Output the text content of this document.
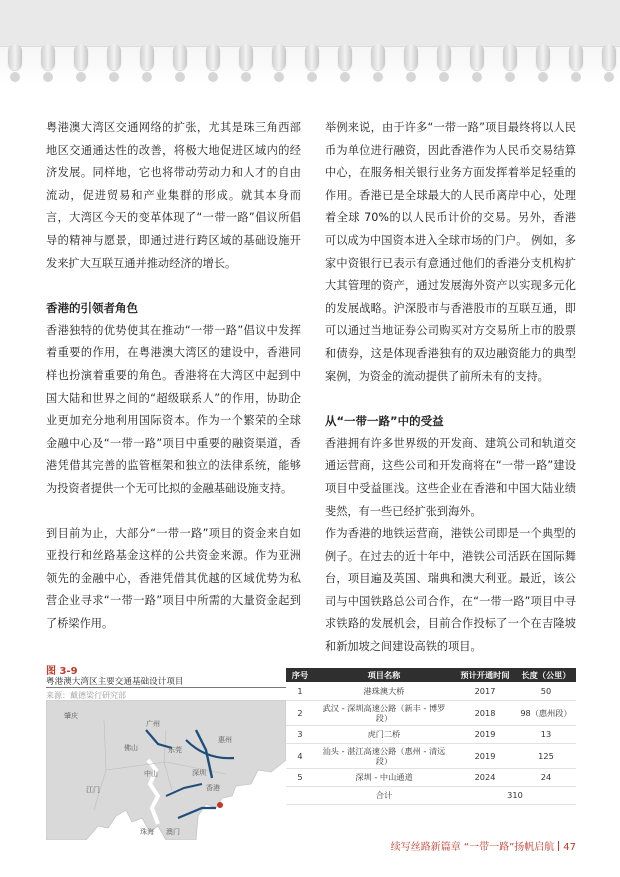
粤港澳大湾区交通网络的扩张，尤其是珠三角西部地区交通通达性的改善，将极大地促进区域内的经济发展。同样地，它也将带动劳动力和人才的自由流动，促进贸易和产业集群的形成。就其本身而言，大湾区今天的变革体现了“一带一路”倡议所倡导的精神与愿景，即通过进行跨区域的基础设施开发来扩大互联互通并推动经济的增长。

香港的引领者角色

香港独特的优势使其在推动“一带一路”倡议中发挥着重要的作用，在粤港澳大湾区的建设中，香港同样也扮演着重要的角色。香港将在大湾区中起到中国大陆和世界之间的“超级联系人”的作用，协助企业更加充分地利用国际资本。作为一个繁荣的全球金融中心及“一带一路”项目中重要的融资渠道，香港凭借其完善的监管框架和独立的法律系统，能够为投资者提供一个无可比拟的金融基础设施支持。

到目前为止，大部分“一带一路”项目的资金来自如亚投行和丝路基金这样的公共资金来源。作为亚洲领先的金融中心，香港凭借其优越的区域优势为私营企业寻求“一带一路”项目中所需的大量资金起到了桥梁作用。

举例来说，由于许多“一带一路”项目最终将以人民币为单位进行融资，因此香港作为人民币交易结算中心，在服务相关银行业务方面发挥着举足轻重的作用。香港已是全球最大的人民币离岸中心，处理着全球 70%的以人民币计价的交易。另外，香港可以成为中国资本进入全球市场的门户。 例如，多家中资银行已表示有意通过他们的香港分支机构扩大其管理的资产，通过发展海外资产以实现多元化的发展战略。沪深股市与香港股市的互联互通，即可以通过当地证券公司购买对方交易所上市的股票和债券，这是体现香港独有的双边融资能力的典型案例，为资金的流动提供了前所未有的支持。

从“一带一路”中的受益

香港拥有许多世界级的开发商、建筑公司和轨道交通运营商，这些公司和开发商将在“一带一路”建设项目中受益匪浅。这些企业在香港和中国大陆业绩斐然，有一些已经扩张到海外。

作为香港的地铁运营商，港铁公司即是一个典型的例子。在过去的近十年中，港铁公司活跃在国际舞台，项目遍及英国、瑞典和澳大利亚。最近，该公司与中国铁路总公司合作，在“一带一路”项目中寻求铁路的发展机会，目前合作投标了一个在吉隆坡和新加坡之间建设高铁的项目。

图 3-9
粤港澳大湾区主要交通基础设计项目
来源：戴德梁行研究部
肇庆
广州
惠州
佛山	东莞
中山	深圳
江门	香港
珠海 澳门
序号	项目名称	预计开通时间	长度（公里）
1	港珠澳大桥	2017	50
2	武汉 - 深圳高速公路（新丰 - 博罗段）	2018	98（惠州段）
3	虎门二桥	2019	13
4	汕头 - 湛江高速公路（惠州 - 清远段）	2019	125
5	深圳 - 中山通道	2024	24
	合计	310	
续写丝路新篇章 “一带一路”扬帆启航 47
